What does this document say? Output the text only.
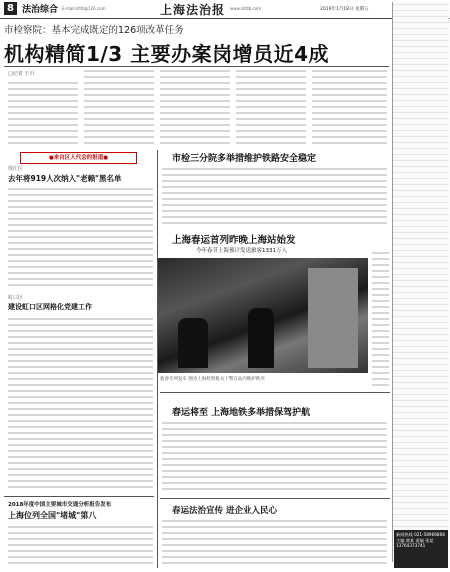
8 法治综合 E-mail:shfz@126.com	上海法治报 www.shfzb.com	2019年1月18日 星期五
市检察院：基本完成既定的126项改革任务
机构精简1/3 主要办案岗增员近4成
□记者 王川
●来自区人代会的报道●
徐汇区
去年将919人次纳入"老赖"黑名单
虹口区
建设虹口区网格化党建工作
2018年度中国主要城市交通分析报告发布
上海位列全国"堵城"第八
市检三分院多举措维护铁路安全稳定
上海春运首列昨晚上海站始发
今年春节上海预计发送旅客1331万人
新春专列发车 图为上海检察机关干警在站内维护秩序
春运将至 上海地铁多举措保驾护航
春运法治宣传 进企业入民心
新闻热线 021-58966868 主编 唐某 责编 张某 13764373741
